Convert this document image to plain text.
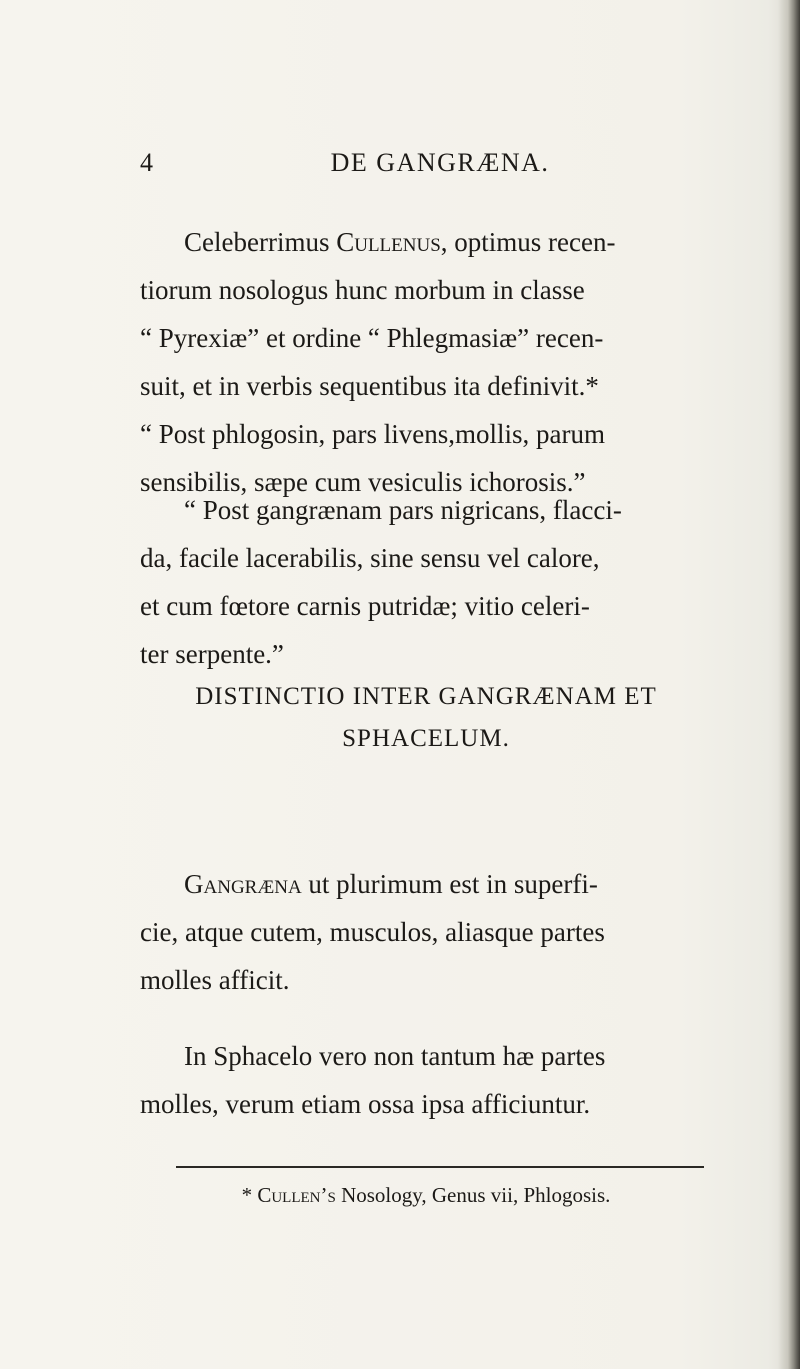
4	DE GANGRÆNA.
Celeberrimus Cullenus, optimus recen-
tiorum nosologus hunc morbum in classe
“ Pyrexiæ” et ordine “ Phlegmasiæ” recen-
suit, et in verbis sequentibus ita definivit.*
“ Post phlogosin, pars livens,mollis, parum
sensibilis, sæpe cum vesiculis ichorosis.”
“ Post gangrænam pars nigricans, flacci-
da, facile lacerabilis, sine sensu vel calore,
et cum fœtore carnis putridæ; vitio celeri-
ter serpente.”
DISTINCTIO INTER GANGRÆNAM ET
SPHACELUM.
Gangræna ut plurimum est in superfi-
cie, atque cutem, musculos, aliasque partes
molles afficit.
In Sphacelo vero non tantum hæ partes
molles, verum etiam ossa ipsa afficiuntur.
* Cullen’s Nosology, Genus vii, Phlogosis.
